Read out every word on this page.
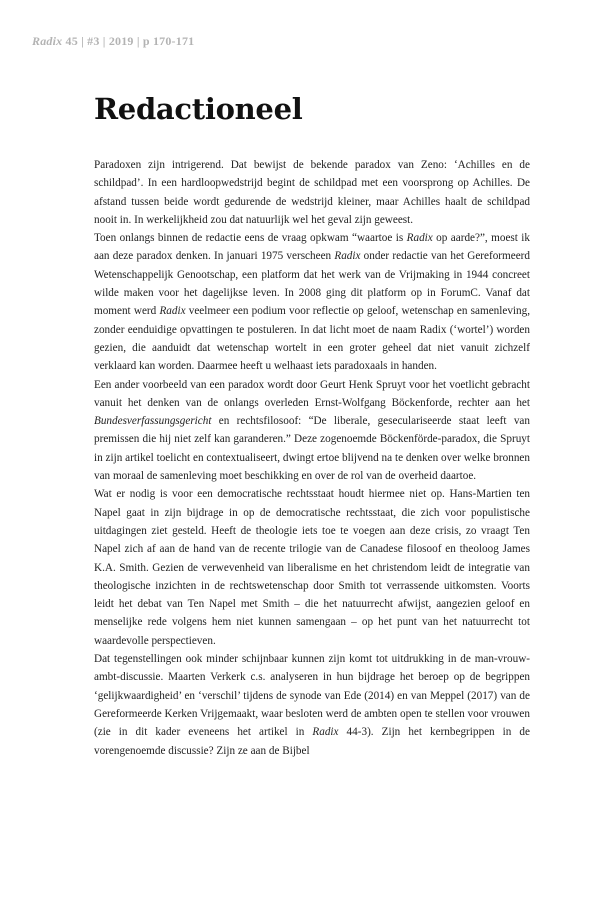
Radix 45 | #3 | 2019 | p 170-171
Redactioneel

Paradoxen zijn intrigerend. Dat bewijst de bekende paradox van Zeno: ‘Achilles en de schildpad’. In een hardloopwedstrijd begint de schildpad met een voorsprong op Achilles. De afstand tussen beide wordt gedurende de wedstrijd kleiner, maar Achilles haalt de schildpad nooit in. In werkelijkheid zou dat natuurlijk wel het geval zijn geweest.

Toen onlangs binnen de redactie eens de vraag opkwam “waartoe is Radix op aarde?”, moest ik aan deze paradox denken. In januari 1975 verscheen Radix onder redactie van het Gereformeerd Wetenschappelijk Genootschap, een platform dat het werk van de Vrijmaking in 1944 concreet wilde maken voor het dagelijkse leven. In 2008 ging dit platform op in ForumC. Vanaf dat moment werd Radix veelmeer een podium voor reflectie op geloof, wetenschap en samenleving, zonder eenduidige opvattingen te postuleren. In dat licht moet de naam Radix (‘wortel’) worden gezien, die aanduidt dat wetenschap wortelt in een groter geheel dat niet vanuit zichzelf verklaard kan worden. Daarmee heeft u welhaast iets paradoxaals in handen.

Een ander voorbeeld van een paradox wordt door Geurt Henk Spruyt voor het voetlicht gebracht vanuit het denken van de onlangs overleden Ernst-Wolfgang Böckenforde, rechter aan het Bundesverfassungsgericht en rechtsfilosoof: “De liberale, geseculariseerde staat leeft van premissen die hij niet zelf kan garanderen.” Deze zogenoemde Böckenförde-paradox, die Spruyt in zijn artikel toelicht en contextualiseert, dwingt ertoe blijvend na te denken over welke bronnen van moraal de samenleving moet beschikking en over de rol van de overheid daartoe.

Wat er nodig is voor een democratische rechtsstaat houdt hiermee niet op. Hans-Martien ten Napel gaat in zijn bijdrage in op de democratische rechtsstaat, die zich voor populistische uitdagingen ziet gesteld. Heeft de theologie iets toe te voegen aan deze crisis, zo vraagt Ten Napel zich af aan de hand van de recente trilogie van de Canadese filosoof en theoloog James K.A. Smith. Gezien de verwevenheid van liberalisme en het christendom leidt de integratie van theologische inzichten in de rechtswetenschap door Smith tot verrassende uitkomsten. Voorts leidt het debat van Ten Napel met Smith – die het natuurrecht afwijst, aangezien geloof en menselijke rede volgens hem niet kunnen samengaan – op het punt van het natuurrecht tot waardevolle perspectieven.

Dat tegenstellingen ook minder schijnbaar kunnen zijn komt tot uitdrukking in de man-vrouw-ambt-discussie. Maarten Verkerk c.s. analyseren in hun bijdrage het beroep op de begrippen ‘gelijkwaardigheid’ en ‘verschil’ tijdens de synode van Ede (2014) en van Meppel (2017) van de Gereformeerde Kerken Vrijgemaakt, waar besloten werd de ambten open te stellen voor vrouwen (zie in dit kader eveneens het artikel in Radix 44-3). Zijn het kernbegrippen in de vorengenoemde discussie? Zijn ze aan de Bijbel
